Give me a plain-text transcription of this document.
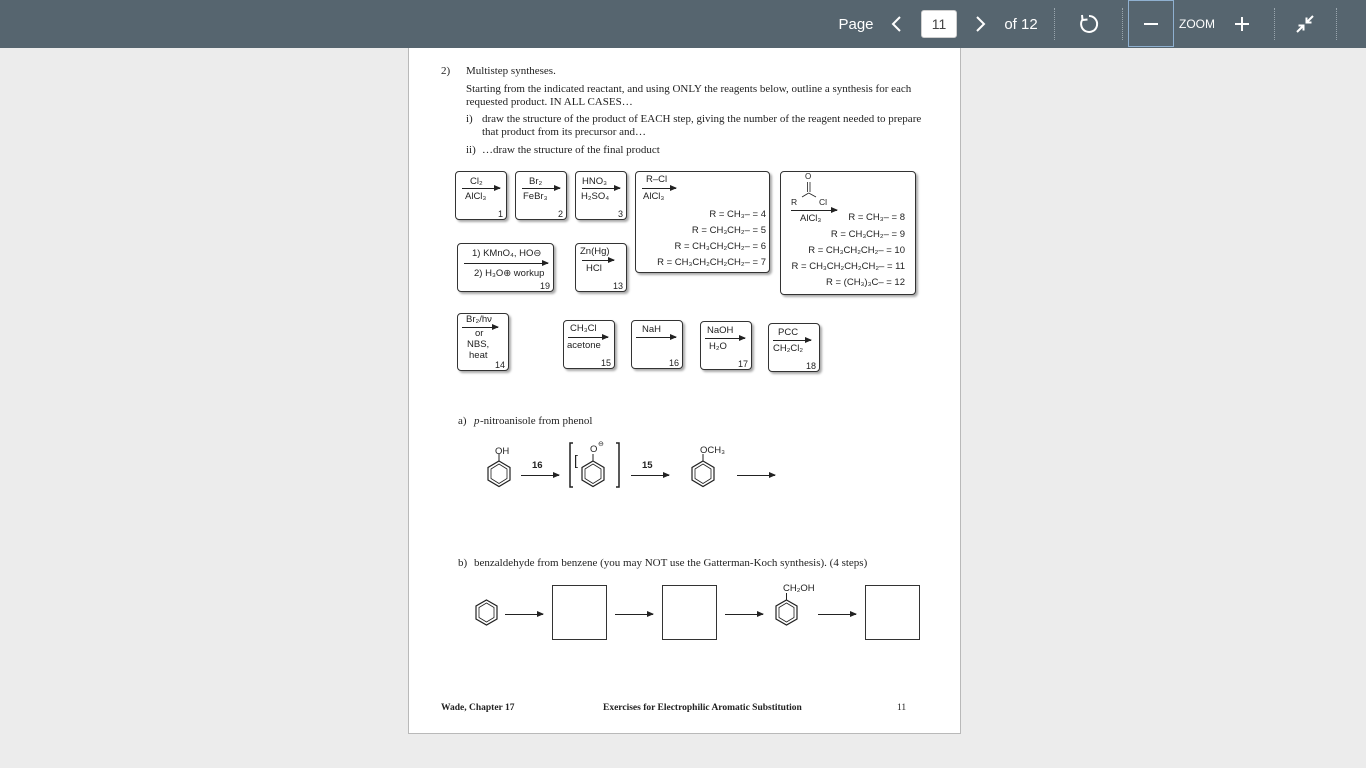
Page
11	of 12	ZOOM
2) Multistep syntheses.
Starting from the indicated reactant, and using ONLY the reagents below, outline a synthesis for each
requested product. IN ALL CASES…
i) draw the structure of the product of EACH step, giving the number of the reagent needed to prepare
that product from its precursor and…
ii) …draw the structure of the final product
Cl₂
AlCl₃
1
Br₂
FeBr₃
2
HNO₃
H₂SO₄
3
R–Cl
AlCl₃
R = CH₃– = 4
R = CH₃CH₂– = 5
R = CH₃CH₂CH₂– = 6
R = CH₃CH₂CH₂CH₂– = 7
O
R	Cl
AlCl₃	R = CH₃– = 8
R = CH₃CH₂– = 9
R = CH₃CH₂CH₂– = 10
R = CH₃CH₂CH₂CH₂– = 11
R = (CH₃)₃C– = 12
1) KMnO₄, HO⊖
2) H₃O⊕ workup
19
Zn(Hg)
HCl
13
Br₂/hν
or
NBS,
heat
14
CH₃Cl
acetone
15
NaH
16
NaOH
H₂O
17
PCC
CH₂Cl₂
18
a) p -nitroanisole from phenol
OH
16 [
O ⊖
15
OCH₃
b) benzaldehyde from benzene (you may NOT use the Gatterman-Koch synthesis). (4 steps)
CH₂OH
Wade, Chapter 17	Exercises for Electrophilic Aromatic Substitution	11
